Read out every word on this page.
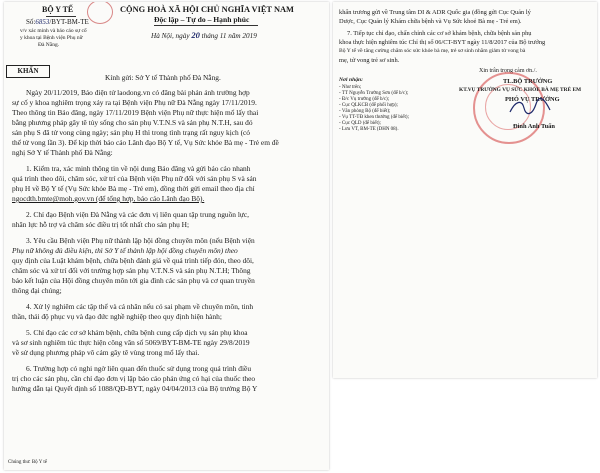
BỘ Y TẾ
Số:6853/BYT-BM-TE
v/v xác minh và báo cáo sự cố
y khoa tại Bệnh viện Phụ nữ
Đà Nẵng.
CỘNG HOÀ XÃ HỘI CHỦ NGHĨA VIỆT NAM
Độc lập – Tự do – Hạnh phúc
Hà Nội, ngày 20 tháng 11 năm 2019
KHẨN
Kính gửi: Sở Y tế Thành phố Đà Nẵng.
Ngày 20/11/2019, Báo điện tử laodong.vn có đăng bài phản ánh trường hợp
sự cố y khoa nghiêm trọng xảy ra tại Bệnh viện Phụ nữ Đà Nẵng ngày 17/11/2019.
Theo thông tin Báo đăng, ngày 17/11/2019 Bệnh viện Phụ nữ thực hiện mổ lấy thai
bằng phương pháp gây tê tủy sống cho sản phụ V.T.N.S và sản phụ N.T.H, sau đó
sản phụ S đã tử vong cùng ngày; sản phụ H thì trong tình trạng rất nguy kịch (có
thể tử vong lần 3). Để kịp thời báo cáo Lãnh đạo Bộ Y tế, Vụ Sức khỏe Bà mẹ - Trẻ em đề
nghị Sở Y tế Thành phố Đà Nẵng:
1. Kiểm tra, xác minh thông tin về nội dung Báo đăng và gửi báo cáo nhanh
quá trình theo dõi, chăm sóc, xử trí của Bệnh viện Phụ nữ đối với sản phụ S và sản
phụ H về Bộ Y tế (Vụ Sức khỏe Bà mẹ - Trẻ em), đồng thời gửi email theo địa chỉ
ngocdth.bmte@moh.gov.vn (để tổng hợp, báo cáo Lãnh đạo Bộ).
2. Chỉ đạo Bệnh viện Đà Nẵng và các đơn vị liên quan tập trung nguồn lực,
nhân lực hỗ trợ và chăm sóc điều trị tốt nhất cho sản phụ H;
3. Yêu cầu Bệnh viện Phụ nữ thành lập hội đồng chuyên môn (nếu Bệnh viện
Phụ nữ không đủ điều kiện, thì Sở Y tế thành lập hội đồng chuyên môn) theo
quy định của Luật khám bệnh, chữa bệnh đánh giá về quá trình tiếp đón, theo dõi,
chăm sóc và xử trí đối với trường hợp sản phụ V.T.N.S và sản phụ N.T.H; Thông
báo kết luận của Hội đồng chuyên môn tới gia đình các sản phụ và cơ quan truyền
thông đại chúng;
4. Xử lý nghiêm các tập thể và cá nhân nếu có sai phạm về chuyên môn, tinh
thần, thái độ phục vụ và đạo đức nghề nghiệp theo quy định hiện hành;
5. Chỉ đạo các cơ sở khám bệnh, chữa bệnh cung cấp dịch vụ sản phụ khoa
và sơ sinh nghiêm túc thực hiện công văn số 5069/BYT-BM-TE ngày 29/8/2019
về sử dụng phương pháp vô cảm gây tê vùng trong mổ lấy thai.
6. Trường hợp có nghi ngờ liên quan đến thuốc sử dụng trong quá trình điều
trị cho các sản phụ, cần chỉ đạo đơn vị lập báo cáo phản ứng có hại của thuốc theo
hướng dẫn tại Quyết định số 1088/QĐ-BYT, ngày 04/04/2013 của Bộ trưởng Bộ Y
Chúng thư: Bộ Y tế
khẩn trương gửi về Trung tâm DI & ADR Quốc gia (đồng gửi Cục Quản lý
Dược, Cục Quản lý Khám chữa bệnh và Vụ Sức khoẻ Bà mẹ - Trẻ em).
7. Tiếp tục chỉ đạo, chấn chỉnh các cơ sở khám bệnh, chữa bệnh sản phụ
khoa thực hiện nghiêm túc Chỉ thị số 06/CT-BYT ngày 11/8/2017 của Bộ trưởng
Bộ Y tế về tăng cường chăm sóc sức khỏe bà mẹ, trẻ sơ sinh nhằm giảm tử vong bà
mẹ, tử vong trẻ sơ sinh.
Xin trân trọng cảm ơn./.
Nơi nhận:
- Như trên;
- TT Nguyễn Trường Sơn (để b/c);
- Đ/c Vụ trưởng (để b/c);
- Cục QLKCB (để phối hợp);
- Văn phòng Bộ (để biết);
- Vụ TT-TĐ khen thưởng (để biết);
- Cục QLD (để biết);
- Lưu VT, BM-TE (DHN 08).
TL.BỘ TRƯỞNG
KT.VỤ TRƯỞNG VỤ SỨC KHỎE BÀ MẸ TRẺ EM
PHÓ VỤ TRƯỞNG
Đinh Anh Tuấn
